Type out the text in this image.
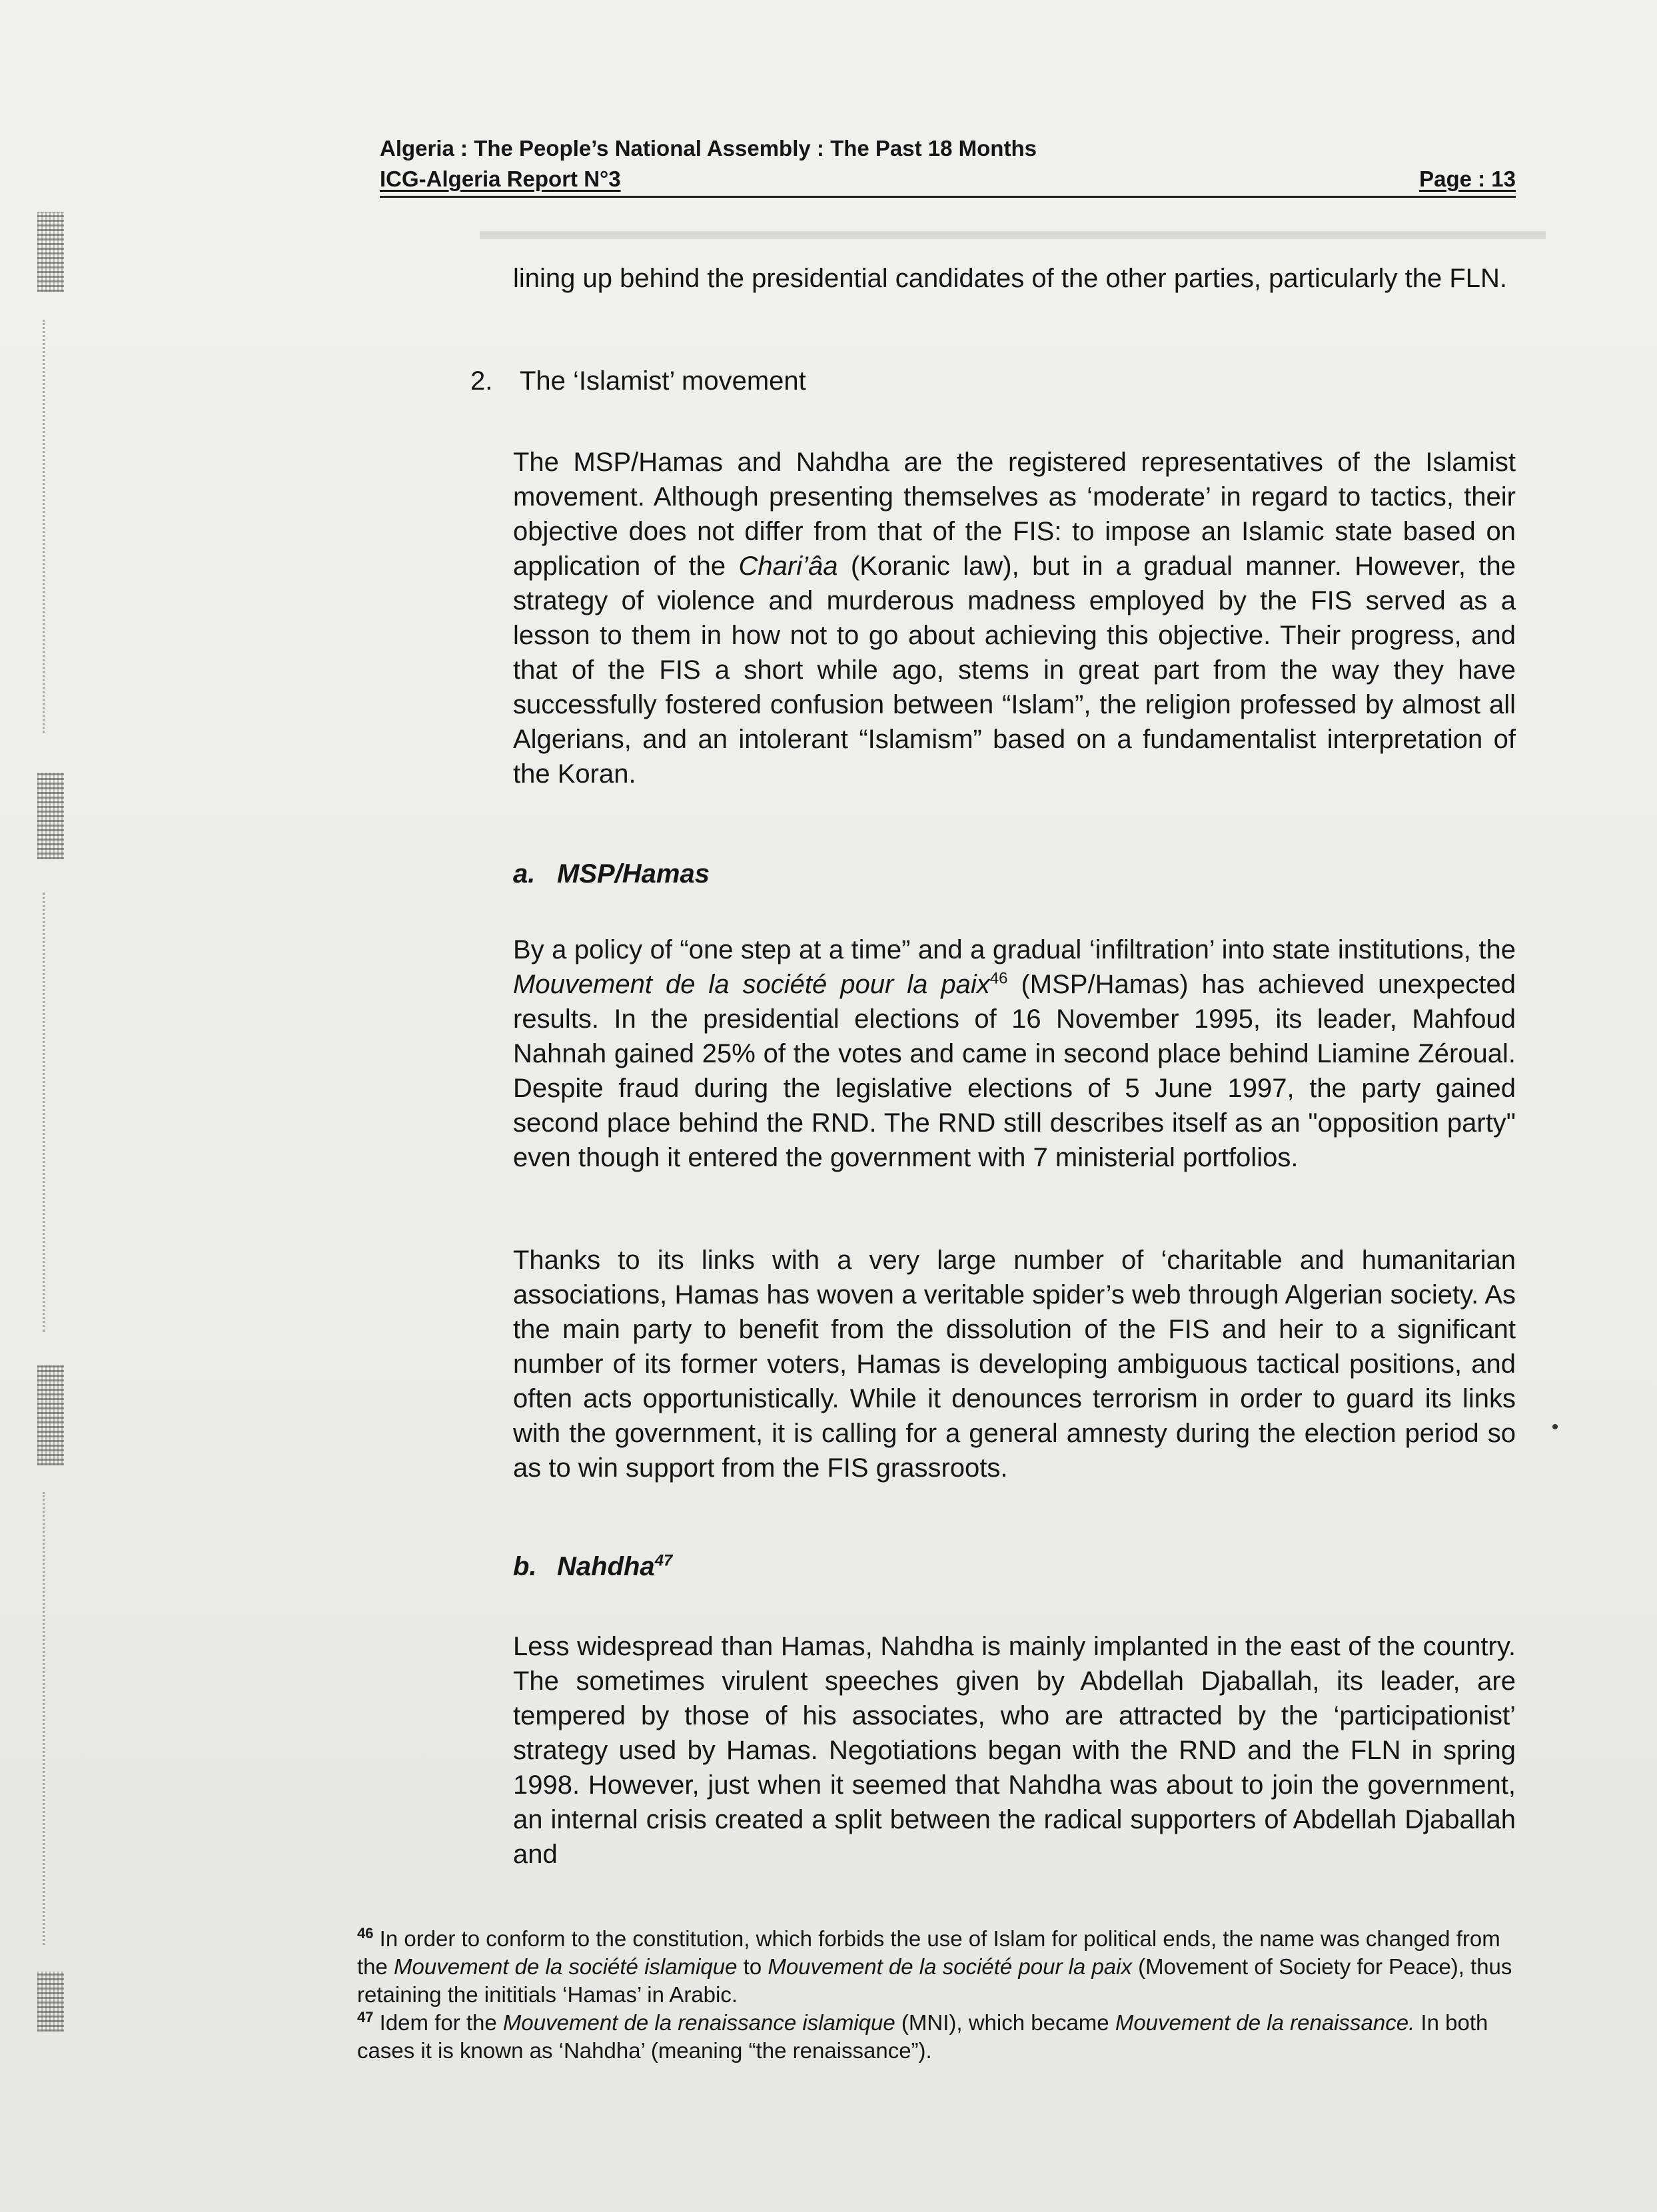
▬▬▬▬▬▬▬▬▬▬▬▬▬▬▬▬▬▬▬▬▬▬▬▬▬▬▬▬▬▬▬▬▬▬▬▬▬▬▬▬
Algeria : The People’s National Assembly : The Past 18 Months
ICG-Algeria Report N°3	Page : 13
lining up behind the presidential candidates of the other parties, particularly the FLN.
2. The ‘Islamist’ movement
The MSP/Hamas and Nahdha are the registered representatives of the Islamist movement. Although presenting themselves as ‘moderate’ in regard to tactics, their objective does not differ from that of the FIS: to impose an Islamic state based on application of the Chari’âa (Koranic law), but in a gradual manner. However, the strategy of violence and murderous madness employed by the FIS served as a lesson to them in how not to go about achieving this objective. Their progress, and that of the FIS a short while ago, stems in great part from the way they have successfully fostered confusion between “Islam”, the religion professed by almost all Algerians, and an intolerant “Islamism” based on a fundamentalist interpretation of the Koran.
a. MSP/Hamas
By a policy of “one step at a time” and a gradual ‘infiltration’ into state institutions, the Mouvement de la société pour la paix$^{46}$ (MSP/Hamas) has achieved unexpected results. In the presidential elections of 16 November 1995, its leader, Mahfoud Nahnah gained 25% of the votes and came in second place behind Liamine Zéroual. Despite fraud during the legislative elections of 5 June 1997, the party gained second place behind the RND. The RND still describes itself as an "opposition party" even though it entered the government with 7 ministerial portfolios.
Thanks to its links with a very large number of ‘charitable and humanitarian associations, Hamas has woven a veritable spider’s web through Algerian society. As the main party to benefit from the dissolution of the FIS and heir to a significant number of its former voters, Hamas is developing ambiguous tactical positions, and often acts opportunistically. While it denounces terrorism in order to guard its links with the government, it is calling for a general amnesty during the election period so as to win support from the FIS grassroots.
b. Nahdha$^{47}$
Less widespread than Hamas, Nahdha is mainly implanted in the east of the country. The sometimes virulent speeches given by Abdellah Djaballah, its leader, are tempered by those of his associates, who are attracted by the ‘participationist’ strategy used by Hamas. Negotiations began with the RND and the FLN in spring 1998. However, just when it seemed that Nahdha was about to join the government, an internal crisis created a split between the radical supporters of Abdellah Djaballah and

$^{46}$ In order to conform to the constitution, which forbids the use of Islam for political ends, the name was changed from the Mouvement de la société islamique to Mouvement de la société pour la paix (Movement of Society for Peace), thus retaining the inititials ‘Hamas’ in Arabic.

$^{47}$ Idem for the Mouvement de la renaissance islamique (MNI), which became Mouvement de la renaissance. In both cases it is known as ‘Nahdha’ (meaning “the renaissance”).
